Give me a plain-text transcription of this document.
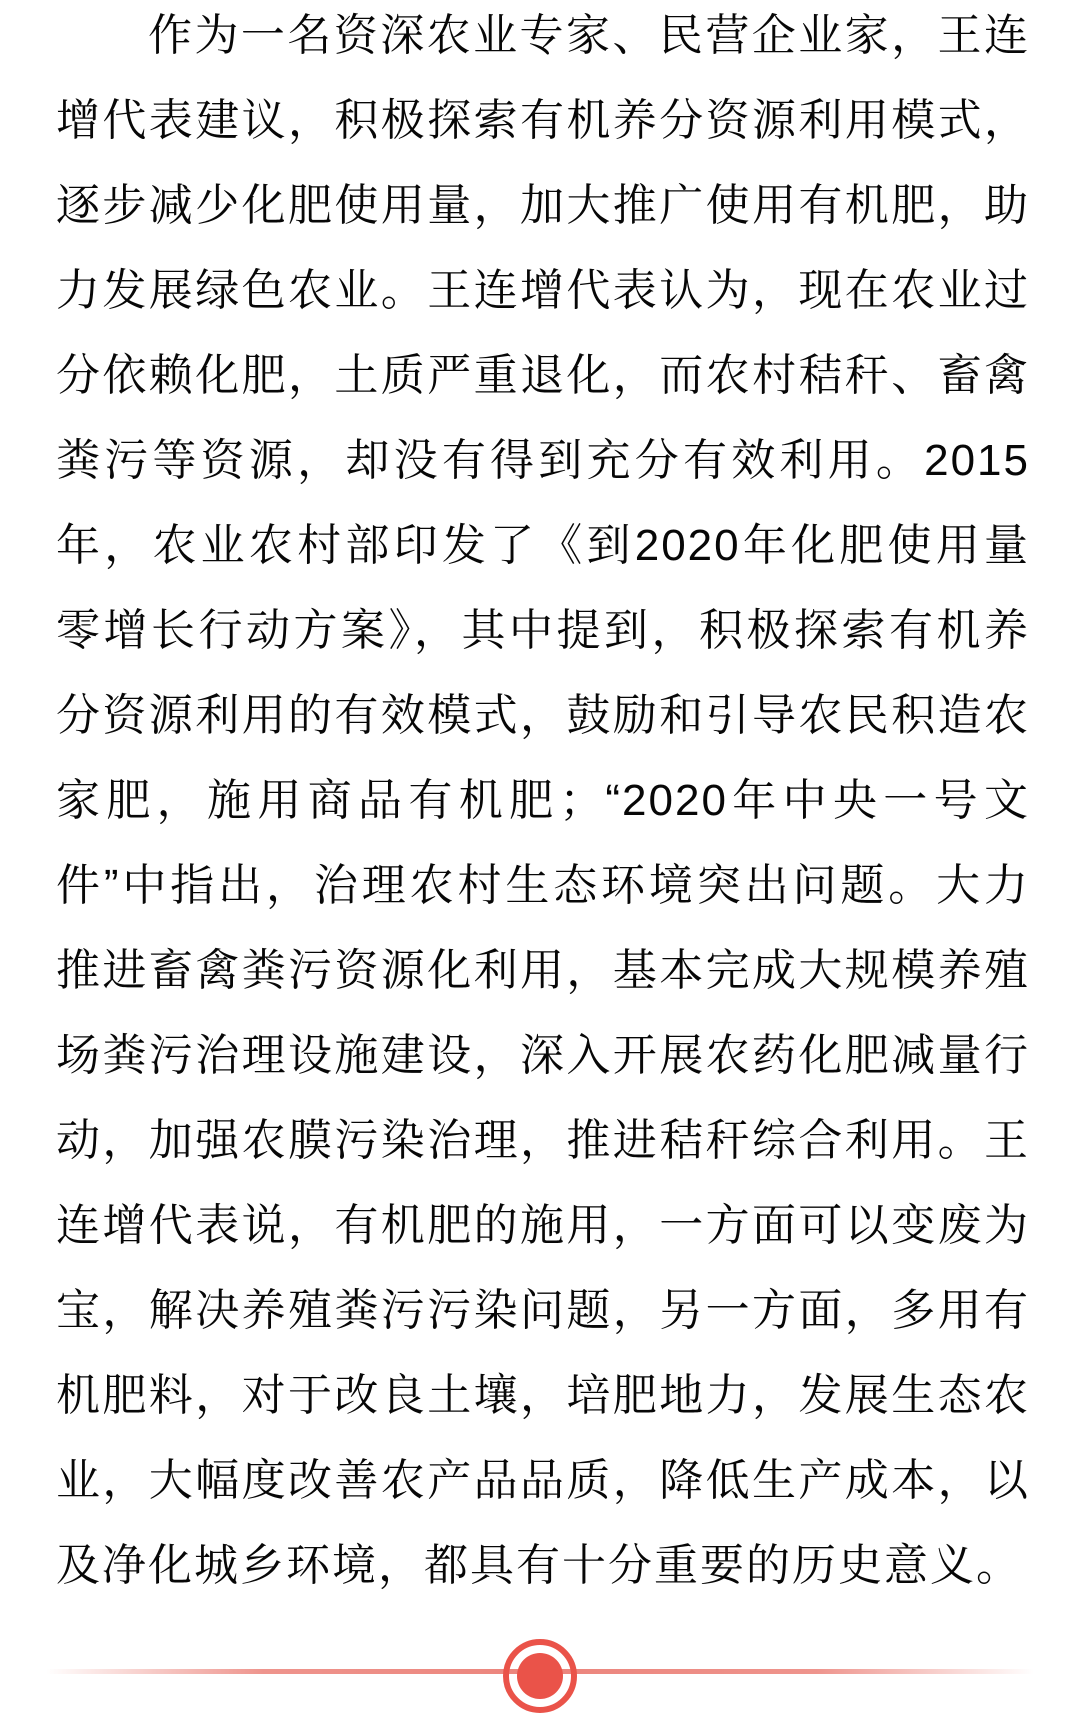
作为一名资深农业专家、民营企业家，王连增代表建议，积极探索有机养分资源利用模式，逐步减少化肥使用量，加大推广使用有机肥，助力发展绿色农业。王连增代表认为，现在农业过分依赖化肥，土质严重退化，而农村秸秆、畜禽粪污等资源，却没有得到充分有效利用。2015年，农业农村部印发了《到2020年化肥使用量零增长行动方案》，其中提到，积极探索有机养分资源利用的有效模式，鼓励和引导农民积造农家肥，施用商品有机肥；“2020年中央一号文件”中指出，治理农村生态环境突出问题。大力推进畜禽粪污资源化利用，基本完成大规模养殖场粪污治理设施建设，深入开展农药化肥减量行动，加强农膜污染治理，推进秸秆综合利用。王连增代表说，有机肥的施用，一方面可以变废为宝，解决养殖粪污污染问题，另一方面，多用有机肥料，对于改良土壤，培肥地力，发展生态农业，大幅度改善农产品品质，降低生产成本，以及净化城乡环境，都具有十分重要的历史意义。
